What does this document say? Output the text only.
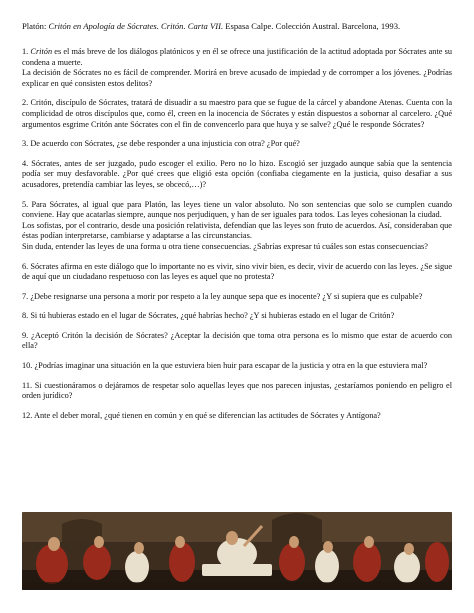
Platón: Critón en Apología de Sócrates. Critón. Carta VII. Espasa Calpe. Colección Austral. Barcelona, 1993.

1. Critón es el más breve de los diálogos platónicos y en él se ofrece una justificación de la actitud adoptada por Sócrates ante su condena a muerte.

La decisión de Sócrates no es fácil de comprender. Morirá en breve acusado de impiedad y de corromper a los jóvenes. ¿Podrías explicar en qué consisten estos delitos?

2. Critón, discípulo de Sócrates, tratará de disuadir a su maestro para que se fugue de la cárcel y abandone Atenas. Cuenta con la complicidad de otros discípulos que, como él, creen en la inocencia de Sócrates y están dispuestos a sobornar al carcelero. ¿Qué argumentos esgrime Critón ante Sócrates con el fin de convencerlo para que huya y se salve? ¿Qué le responde Sócrates?

3. De acuerdo con Sócrates, ¿se debe responder a una injusticia con otra? ¿Por qué?

4. Sócrates, antes de ser juzgado, pudo escoger el exilio. Pero no lo hizo. Escogió ser juzgado aunque sabía que la sentencia podía ser muy desfavorable. ¿Por qué crees que eligió esta opción (confiaba ciegamente en la justicia, quiso desafiar a sus acusadores, pretendía cambiar las leyes, se obcecó,…)?

5. Para Sócrates, al igual que para Platón, las leyes tiene un valor absoluto. No son sentencias que solo se cumplen cuando conviene. Hay que acatarlas siempre, aunque nos perjudiquen, y han de ser iguales para todos. Las leyes cohesionan la ciudad.

Los sofistas, por el contrario, desde una posición relativista, defendían que las leyes son fruto de acuerdos. Así, consideraban que éstas podían interpretarse, cambiarse y adaptarse a las circunstancias.

Sin duda, entender las leyes de una forma u otra tiene consecuencias. ¿Sabrías expresar tú cuáles son estas consecuencias?

6. Sócrates afirma en este diálogo que lo importante no es vivir, sino vivir bien, es decir, vivir de acuerdo con las leyes. ¿Se sigue de aquí que un ciudadano respetuoso con las leyes es aquel que no protesta?

7. ¿Debe resignarse una persona a morir por respeto a la ley aunque sepa que es inocente? ¿Y si supiera que es culpable?

8. Si tú hubieras estado en el lugar de Sócrates, ¿qué habrías hecho? ¿Y si hubieras estado en el lugar de Critón?

9. ¿Aceptó Critón la decisión de Sócrates? ¿Aceptar la decisión que toma otra persona es lo mismo que estar de acuerdo con ella?

10. ¿Podrías imaginar una situación en la que estuviera bien huir para escapar de la justicia y otra en la que estuviera mal?

11. Si cuestionáramos o dejáramos de respetar solo aquellas leyes que nos parecen injustas, ¿estaríamos poniendo en peligro el orden jurídico?

12. Ante el deber moral, ¿qué tienen en común y en qué se diferencian las actitudes de Sócrates y Antígona?
